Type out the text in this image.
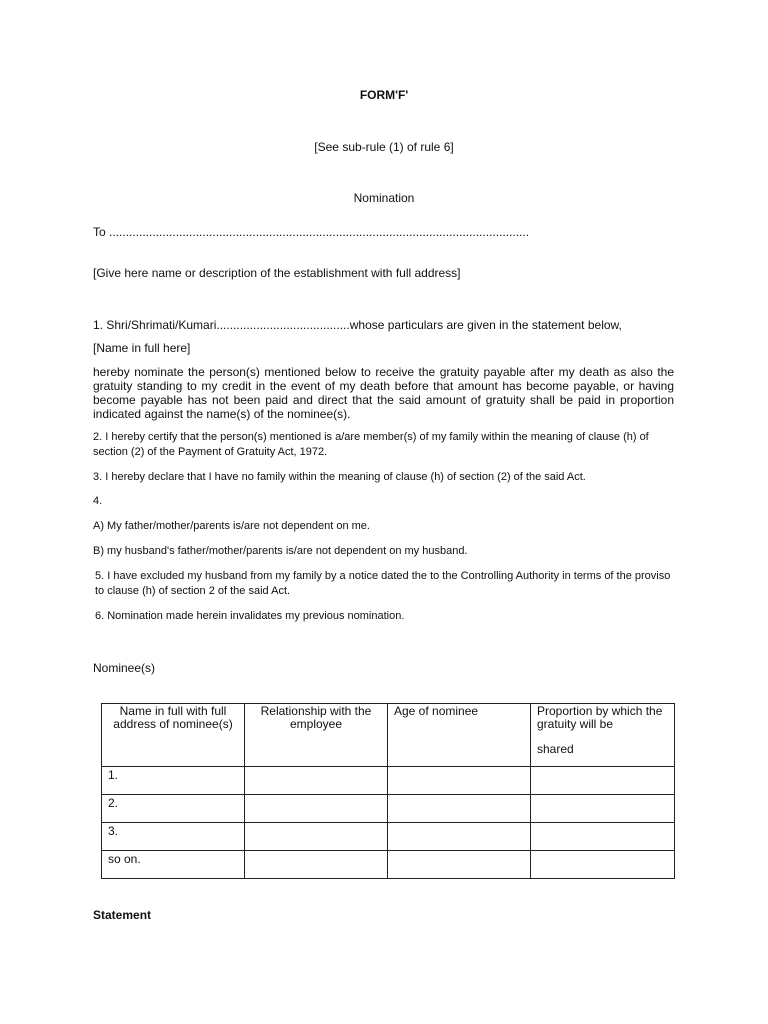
FORM'F'
[See sub-rule (1) of rule 6]
Nomination
To ..............................................................................................................................
[Give here name or description of the establishment with full address]
1. Shri/Shrimati/Kumari........................................whose particulars are given in the statement below,
[Name in full here]
hereby nominate the person(s) mentioned below to receive the gratuity payable after my death as also the gratuity standing to my credit in the event of my death before that amount has become payable, or having become payable has not been paid and direct that the said amount of gratuity shall be paid in proportion indicated against the name(s) of the nominee(s).
2. I hereby certify that the person(s) mentioned is a/are member(s) of my family within the meaning of clause (h) of section (2) of the Payment of Gratuity Act, 1972.
3. I hereby declare that I have no family within the meaning of clause (h) of section (2) of the said Act.
4.
A) My father/mother/parents is/are not dependent on me.
B) my husband's father/mother/parents is/are not dependent on my husband.
5. I have excluded my husband from my family by a notice dated the to the Controlling Authority in terms of the proviso to clause (h) of section 2 of the said Act.
6. Nomination made herein invalidates my previous nomination.
Nominee(s)
Name in full with full address of nominee(s)	Relationship with the employee	Age of nominee	Proportion by which the gratuity will be
shared
1.			
2.			
3.			
so on.			
Statement
